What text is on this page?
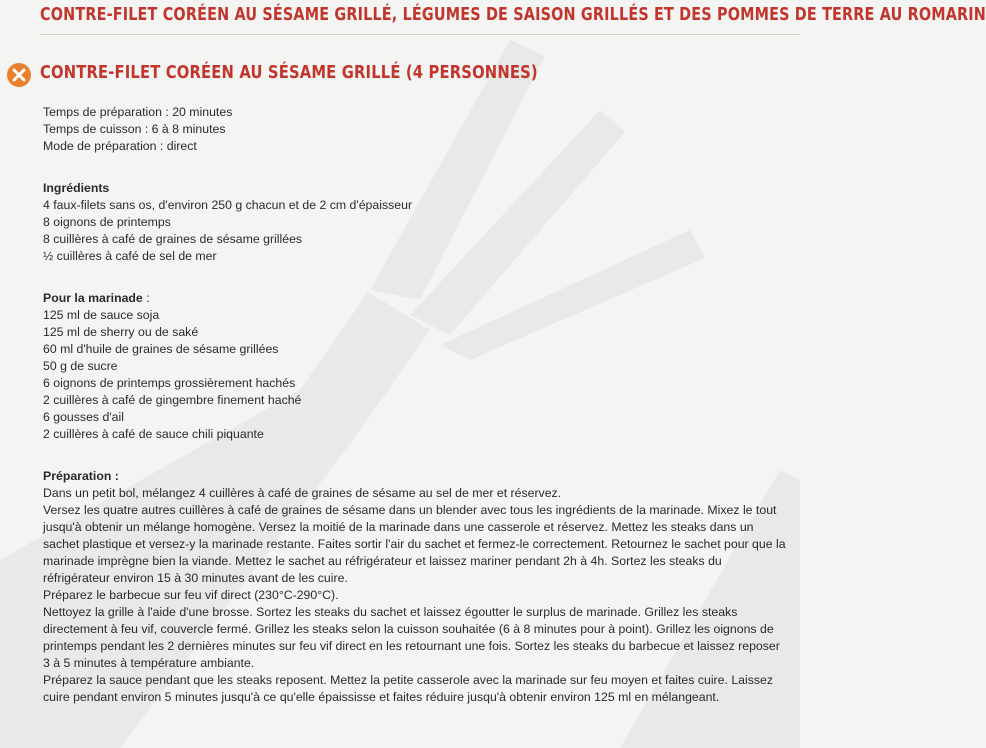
CONTRE-FILET CORÉEN AU SÉSAME GRILLÉ, LÉGUMES DE SAISON GRILLÉS ET DES POMMES DE TERRE AU ROMARIN
CONTRE-FILET CORÉEN AU SÉSAME GRILLÉ (4 PERSONNES)

Temps de préparation : 20 minutes

Temps de cuisson : 6 à 8 minutes

Mode de préparation : direct

Ingrédients

4 faux-filets sans os, d'environ 250 g chacun et de 2 cm d'épaisseur

8 oignons de printemps

8 cuillères à café de graines de sésame grillées

½ cuillères à café de sel de mer

Pour la marinade :

125 ml de sauce soja

125 ml de sherry ou de saké

60 ml d'huile de graines de sésame grillées

50 g de sucre

6 oignons de printemps grossièrement hachés

2 cuillères à café de gingembre finement haché

6 gousses d'ail

2 cuillères à café de sauce chili piquante

Préparation :

Dans un petit bol, mélangez 4 cuillères à café de graines de sésame au sel de mer et réservez.

Versez les quatre autres cuillères à café de graines de sésame dans un blender avec tous les ingrédients de la marinade. Mixez le tout jusqu'à obtenir un mélange homogène. Versez la moitié de la marinade dans une casserole et réservez. Mettez les steaks dans un sachet plastique et versez-y la marinade restante. Faites sortir l'air du sachet et fermez-le correctement. Retournez le sachet pour que la marinade imprègne bien la viande. Mettez le sachet au réfrigérateur et laissez mariner pendant 2h à 4h. Sortez les steaks du réfrigérateur environ 15 à 30 minutes avant de les cuire.

Préparez le barbecue sur feu vif direct (230°C-290°C).

Nettoyez la grille à l'aide d'une brosse. Sortez les steaks du sachet et laissez égoutter le surplus de marinade. Grillez les steaks directement à feu vif, couvercle fermé. Grillez les steaks selon la cuisson souhaitée (6 à 8 minutes pour à point). Grillez les oignons de printemps pendant les 2 dernières minutes sur feu vif direct en les retournant une fois. Sortez les steaks du barbecue et laissez reposer 3 à 5 minutes à température ambiante.

Préparez la sauce pendant que les steaks reposent. Mettez la petite casserole avec la marinade sur feu moyen et faites cuire. Laissez cuire pendant environ 5 minutes jusqu'à ce qu'elle épaississe et faites réduire jusqu'à obtenir environ 125 ml en mélangeant.
